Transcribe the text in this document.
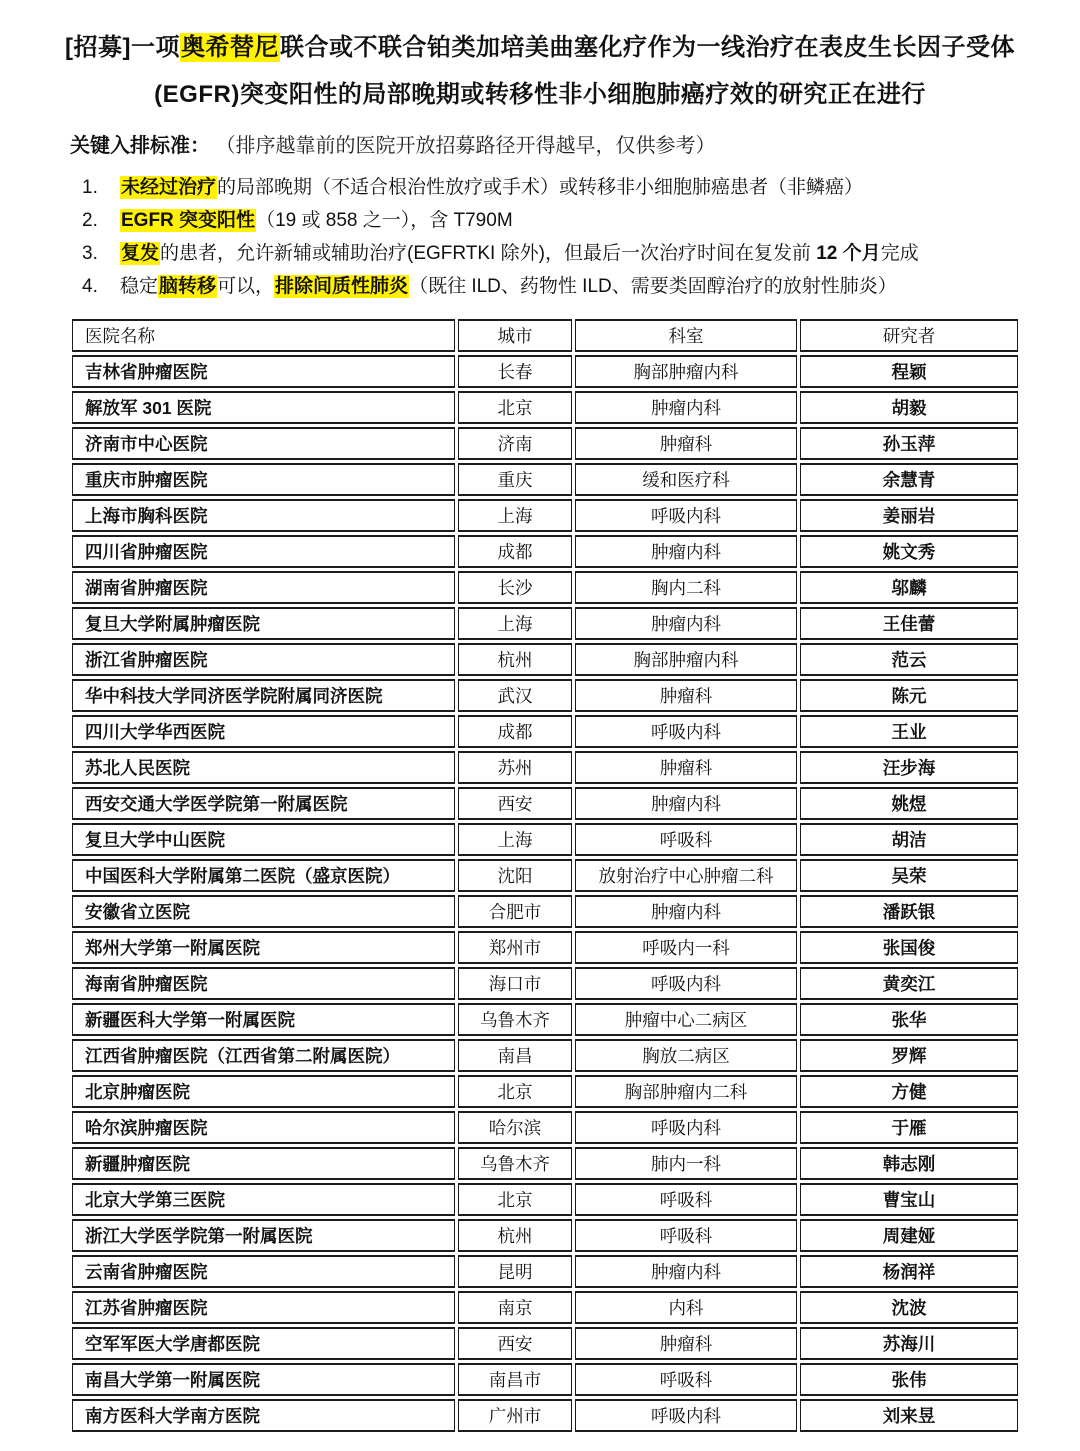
[招募]一项奥希替尼联合或不联合铂类加培美曲塞化疗作为一线治疗在表皮生长因子受体
(EGFR)突变阳性的局部晚期或转移性非小细胞肺癌疗效的研究正在进行
关键入排标准： （排序越靠前的医院开放招募路径开得越早，仅供参考）
1.	未经过治疗的局部晚期（不适合根治性放疗或手术）或转移非小细胞肺癌患者（非鳞癌）
2.	EGFR 突变阳性（19 或 858 之一），含 T790M
3.	复发的患者，允许新辅或辅助治疗(EGFRTKI 除外)，但最后一次治疗时间在复发前 12 个月完成
4.	稳定脑转移可以，排除间质性肺炎（既往 ILD、药物性 ILD、需要类固醇治疗的放射性肺炎）
医院名称	城市	科室	研究者
吉林省肿瘤医院	长春	胸部肿瘤内科	程颖
解放军 301 医院	北京	肿瘤内科	胡毅
济南市中心医院	济南	肿瘤科	孙玉萍
重庆市肿瘤医院	重庆	缓和医疗科	余慧青
上海市胸科医院	上海	呼吸内科	姜丽岩
四川省肿瘤医院	成都	肿瘤内科	姚文秀
湖南省肿瘤医院	长沙	胸内二科	邬麟
复旦大学附属肿瘤医院	上海	肿瘤内科	王佳蕾
浙江省肿瘤医院	杭州	胸部肿瘤内科	范云
华中科技大学同济医学院附属同济医院	武汉	肿瘤科	陈元
四川大学华西医院	成都	呼吸内科	王业
苏北人民医院	苏州	肿瘤科	汪步海
西安交通大学医学院第一附属医院	西安	肿瘤内科	姚煜
复旦大学中山医院	上海	呼吸科	胡洁
中国医科大学附属第二医院（盛京医院）	沈阳	放射治疗中心肿瘤二科	吴荣
安徽省立医院	合肥市	肿瘤内科	潘跃银
郑州大学第一附属医院	郑州市	呼吸内一科	张国俊
海南省肿瘤医院	海口市	呼吸内科	黄奕江
新疆医科大学第一附属医院	乌鲁木齐	肿瘤中心二病区	张华
江西省肿瘤医院（江西省第二附属医院）	南昌	胸放二病区	罗辉
北京肿瘤医院	北京	胸部肿瘤内二科	方健
哈尔滨肿瘤医院	哈尔滨	呼吸内科	于雁
新疆肿瘤医院	乌鲁木齐	肺内一科	韩志刚
北京大学第三医院	北京	呼吸科	曹宝山
浙江大学医学院第一附属医院	杭州	呼吸科	周建娅
云南省肿瘤医院	昆明	肿瘤内科	杨润祥
江苏省肿瘤医院	南京	内科	沈波
空军军医大学唐都医院	西安	肿瘤科	苏海川
南昌大学第一附属医院	南昌市	呼吸科	张伟
南方医科大学南方医院	广州市	呼吸内科	刘来昱
